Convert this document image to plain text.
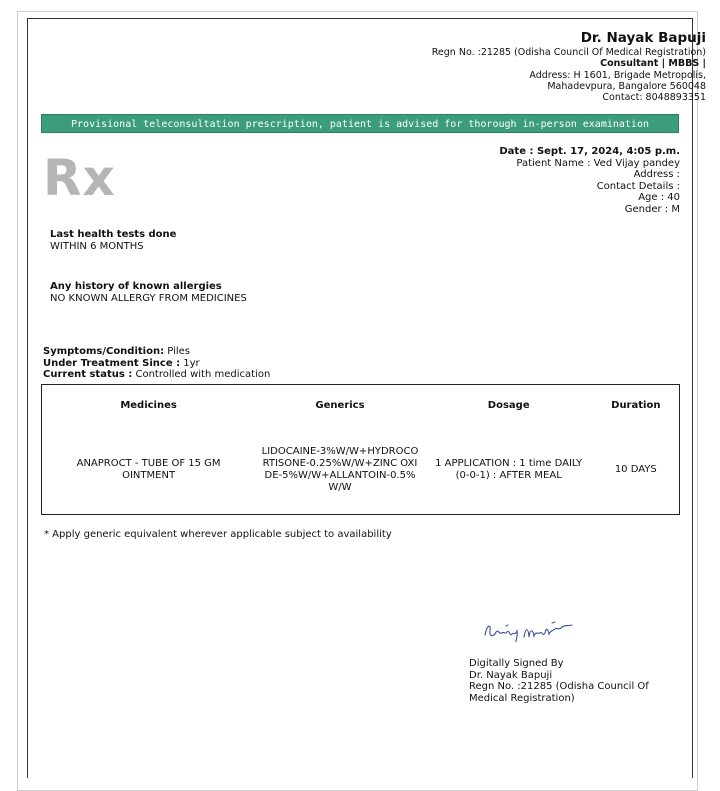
Dr. Nayak Bapuji
Regn No. :21285 (Odisha Council Of Medical Registration)
Consultant | MBBS |
Address: H 1601, Brigade Metropolis,
Mahadevpura, Bangalore 560048
Contact: 8048893351
Provisional teleconsultation prescription, patient is advised for thorough in-person examination
Rx	Date : Sept. 17, 2024, 4:05 p.m.
Patient Name : Ved Vijay pandey
Address :
Contact Details :
Age : 40
Gender : M
Last health tests done
WITHIN 6 MONTHS
Any history of known allergies
NO KNOWN ALLERGY FROM MEDICINES
Symptoms/Condition: Piles
Under Treatment Since : 1yr
Current status : Controlled with medication
Medicines	Generics	Dosage	Duration
ANAPROCT - TUBE OF 15 GM OINTMENT	LIDOCAINE-3%W/W+HYDROCORTISONE-0.25%W/W+ZINC OXIDE-5%W/W+ALLANTOIN-0.5%W/W	1 APPLICATION : 1 time DAILY (0-0-1) : AFTER MEAL	10 DAYS
* Apply generic equivalent wherever applicable subject to availability
Digitally Signed By
Dr. Nayak Bapuji
Regn No. :21285 (Odisha Council Of
Medical Registration)
